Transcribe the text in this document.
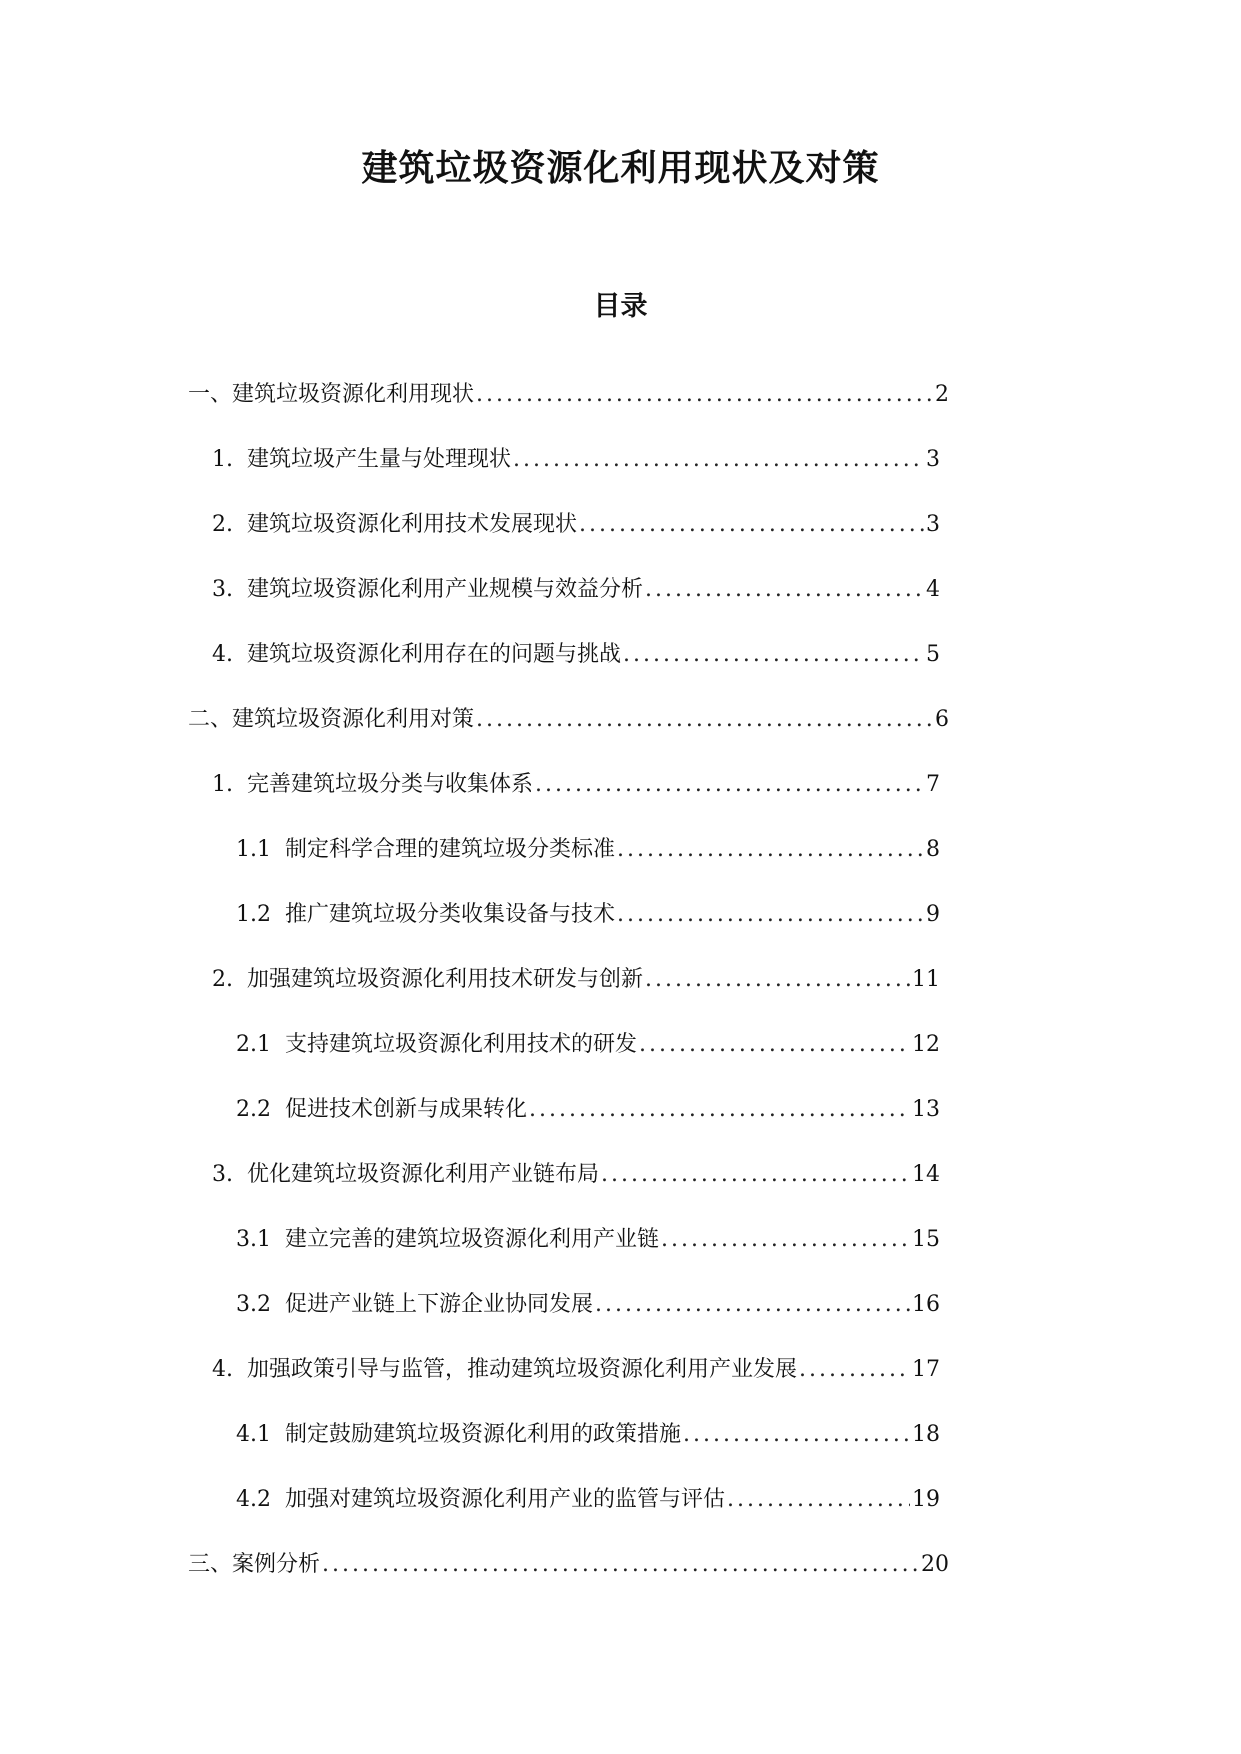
建筑垃圾资源化利用现状及对策
目录
一、 建筑垃圾资源化利用现状 .....	2
1. 建筑垃圾产生量与处理现状 .....	3
2. 建筑垃圾资源化利用技术发展现状 .....	3
3. 建筑垃圾资源化利用产业规模与效益分析 .....	4
4. 建筑垃圾资源化利用存在的问题与挑战 .....	5
二、 建筑垃圾资源化利用对策 .....	6
1. 完善建筑垃圾分类与收集体系 .....	7
1.1 制定科学合理的建筑垃圾分类标准 .....	8
1.2 推广建筑垃圾分类收集设备与技术 .....	9
2. 加强建筑垃圾资源化利用技术研发与创新 .....	11
2.1 支持建筑垃圾资源化利用技术的研发 .....	12
2.2 促进技术创新与成果转化 .....	13
3. 优化建筑垃圾资源化利用产业链布局 .....	14
3.1 建立完善的建筑垃圾资源化利用产业链 .....	15
3.2 促进产业链上下游企业协同发展 .....	16
4. 加强政策引导与监管，推动建筑垃圾资源化利用产业发展 .....	17
4.1 制定鼓励建筑垃圾资源化利用的政策措施 .....	18
4.2 加强对建筑垃圾资源化利用产业的监管与评估 .....	19
三、 案例分析 .....	20
